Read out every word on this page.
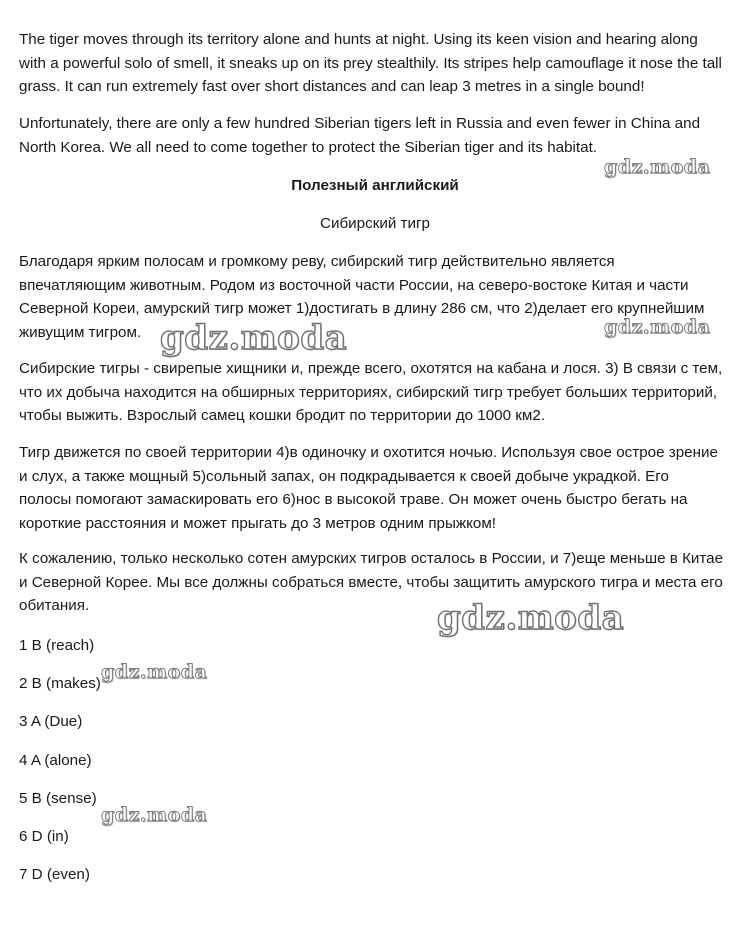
The tiger moves through its territory alone and hunts at night. Using its keen vision and hearing along with a powerful solo of smell, it sneaks up on its prey stealthily. Its stripes help camouflage it nose the tall grass. It can run extremely fast over short distances and can leap 3 metres in a single bound!

Unfortunately, there are only a few hundred Siberian tigers left in Russia and even fewer in China and North Korea. We all need to come together to protect the Siberian tiger and its habitat.

Полезный английский

Сибирский тигр

Благодаря ярким полосам и громкому реву, сибирский тигр действительно является впечатляющим животным. Родом из восточной части России, на северо-востоке Китая и части Северной Кореи, амурский тигр может 1)достигать в длину 286 см, что 2)делает его крупнейшим живущим тигром.

Сибирские тигры - свирепые хищники и, прежде всего, охотятся на кабана и лося. 3) В связи с тем, что их добыча находится на обширных территориях, сибирский тигр требует больших территорий, чтобы выжить. Взрослый самец кошки бродит по территории до 1000 км2.

Тигр движется по своей территории 4)в одиночку и охотится ночью. Используя свое острое зрение и слух, а также мощный 5)сольный запах, он подкрадывается к своей добыче украдкой. Его полосы помогают замаскировать его 6)нос в высокой траве. Он может очень быстро бегать на короткие расстояния и может прыгать до 3 метров одним прыжком!

К сожалению, только несколько сотен амурских тигров осталось в России, и 7)еще меньше в Китае и Северной Корее. Мы все должны собраться вместе, чтобы защитить амурского тигра и места его обитания.

1 B (reach)

2 B (makes)

3 A (Due)

4 A (alone)

5 B (sense)

6 D (in)

7 D (even)

gdz.moda
gdz.moda	gdz.moda
gdz.moda
gdz.moda
gdz.moda
